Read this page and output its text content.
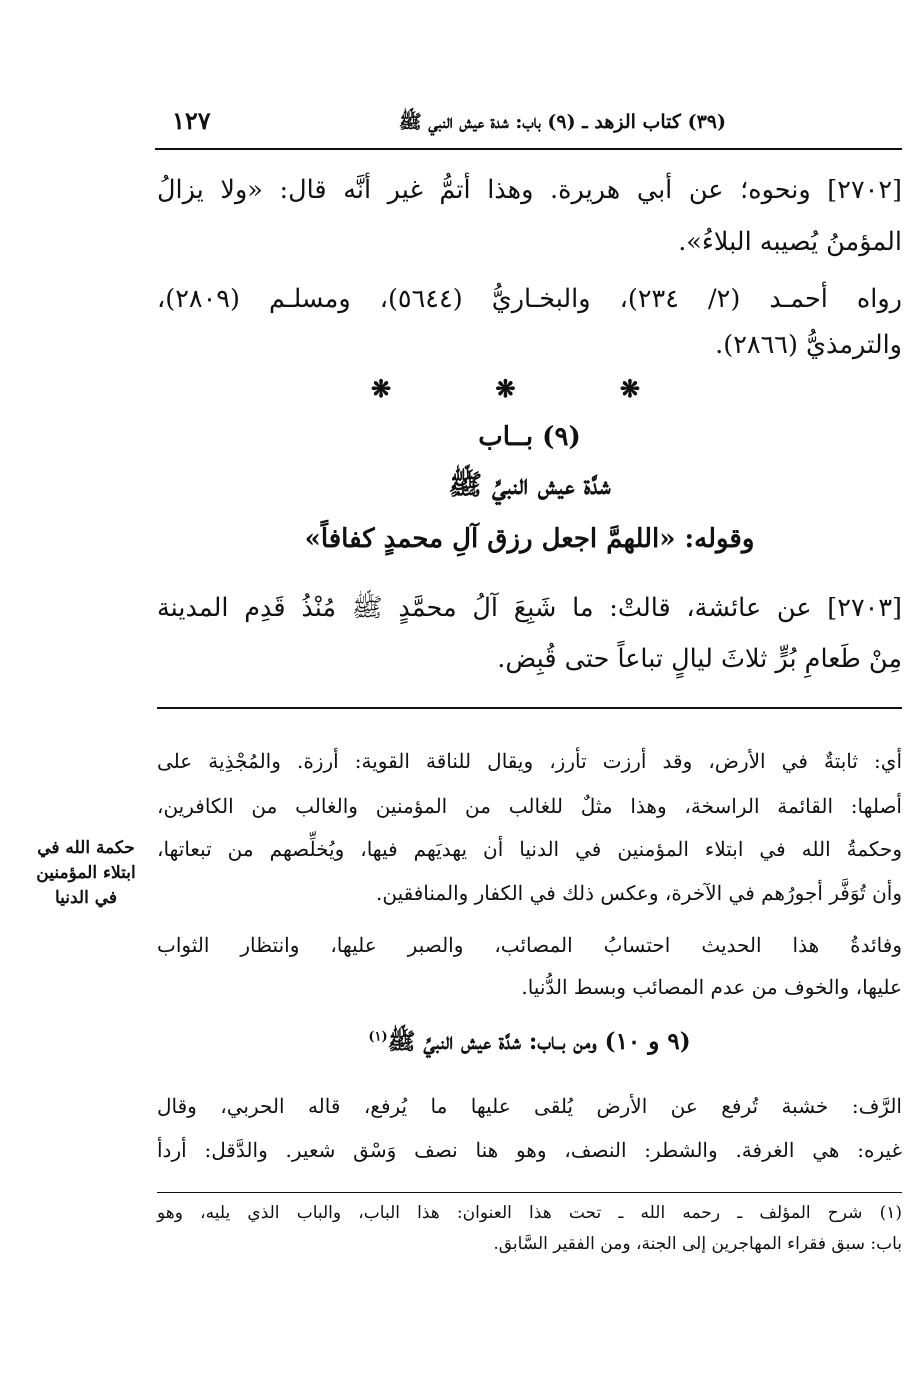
(٣٩) كتاب الزهد ـ (٩) باب: شدة عيش النبي ﷺ
١٢٧
[٢٧٠٢] ونحوه؛ عن أبي هريرة. وهذا أتمُّ غير أنَّه قال: «ولا يزالُ
المؤمنُ يُصيبه البلاءُ».
رواه أحمـد (٢/ ٢٣٤)، والبخـاريُّ (٥٦٤٤)، ومسلـم (٢٨٠٩)،
والترمذيُّ (٢٨٦٦).
❋ ❋ ❋
(٩) بــاب
شدَّة عيش النبيِّ ﷺ
وقوله: «اللهمَّ اجعل رزق آلِ محمدٍ كفافاً»
[٢٧٠٣] عن عائشة، قالتْ: ما شَبِعَ آلُ محمَّدٍ ﷺ مُنْذُ قَدِم المدينة
مِنْ طَعامِ بُرٍّ ثلاثَ ليالٍ تباعاً حتى قُبِض.
أي: ثابتةٌ في الأرض، وقد أرزت تأرز، ويقال للناقة القوية: أرزة. والمُجْذِية على
أصلها: القائمة الراسخة، وهذا مثلٌ للغالب من المؤمنين والغالب من الكافرين،
وحكمةُ الله في ابتلاء المؤمنين في الدنيا أن يهديَهم فيها، ويُخلِّصهم من تبعاتها،
وأن تُوَفَّر أجورُهم في الآخرة، وعكس ذلك في الكفار والمنافقين.
وفائدةُ هذا الحديث احتسابُ المصائب، والصبر عليها، وانتظار الثواب
عليها، والخوف من عدم المصائب وبسط الدُّنيا.
حكمة الله في
ابتلاء المؤمنين
في الدنيا
(٩ و ١٠) ومن بــاب: شدَّة عيش النبيِّ ﷺ$^{(١)}$
الرَّف: خشبة تُرفع عن الأرض يُلقى عليها ما يُرفع، قاله الحربي، وقال
غيره: هي الغرفة. والشطر: النصف، وهو هنا نصف وَسْق شعير. والدَّقل: أردأ
(١) شرح المؤلف ـ رحمه الله ـ تحت هذا العنوان: هذا الباب، والباب الذي يليه، وهو
باب: سبق فقراء المهاجرين إلى الجنة، ومن الفقير السَّابق.
